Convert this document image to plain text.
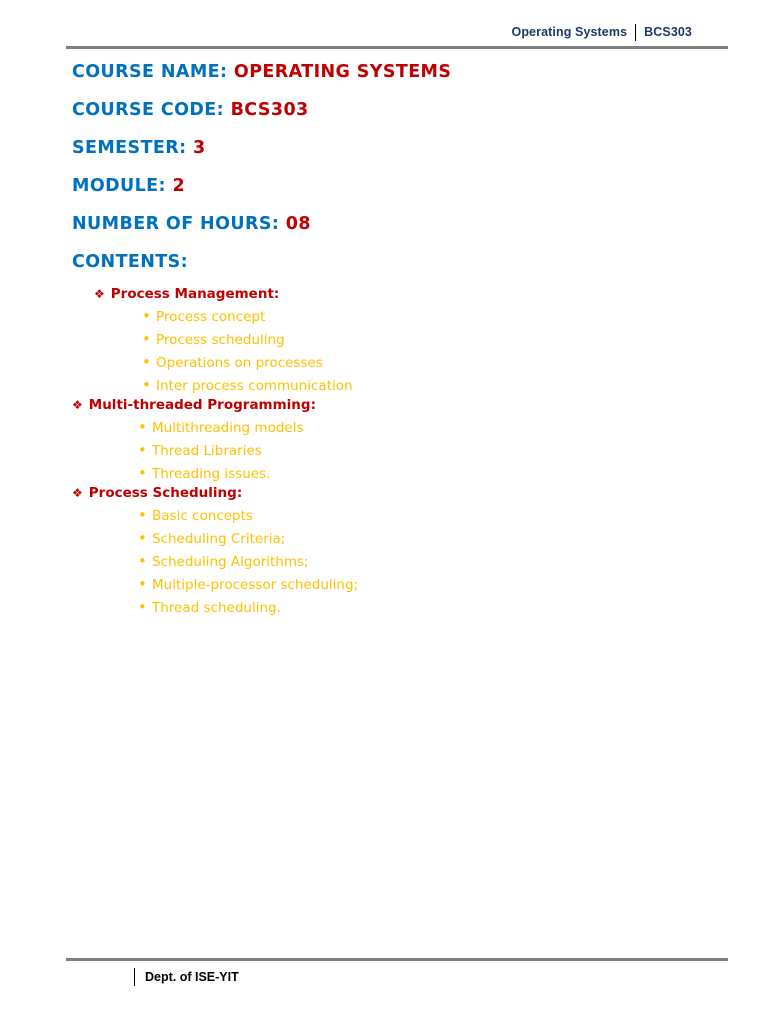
Operating Systems	BCS303
COURSE NAME: OPERATING SYSTEMS
COURSE CODE: BCS303
SEMESTER: 3
MODULE: 2
NUMBER OF HOURS: 08
CONTENTS:
❖ Process Management:
• Process concept
• Process scheduling
• Operations on processes
• Inter process communication
❖ Multi-threaded Programming:
• Multithreading models
• Thread Libraries
• Threading issues.
❖ Process Scheduling:
• Basic concepts
• Scheduling Criteria;
• Scheduling Algorithms;
• Multiple-processor scheduling;
• Thread scheduling.
Dept. of ISE-YIT
